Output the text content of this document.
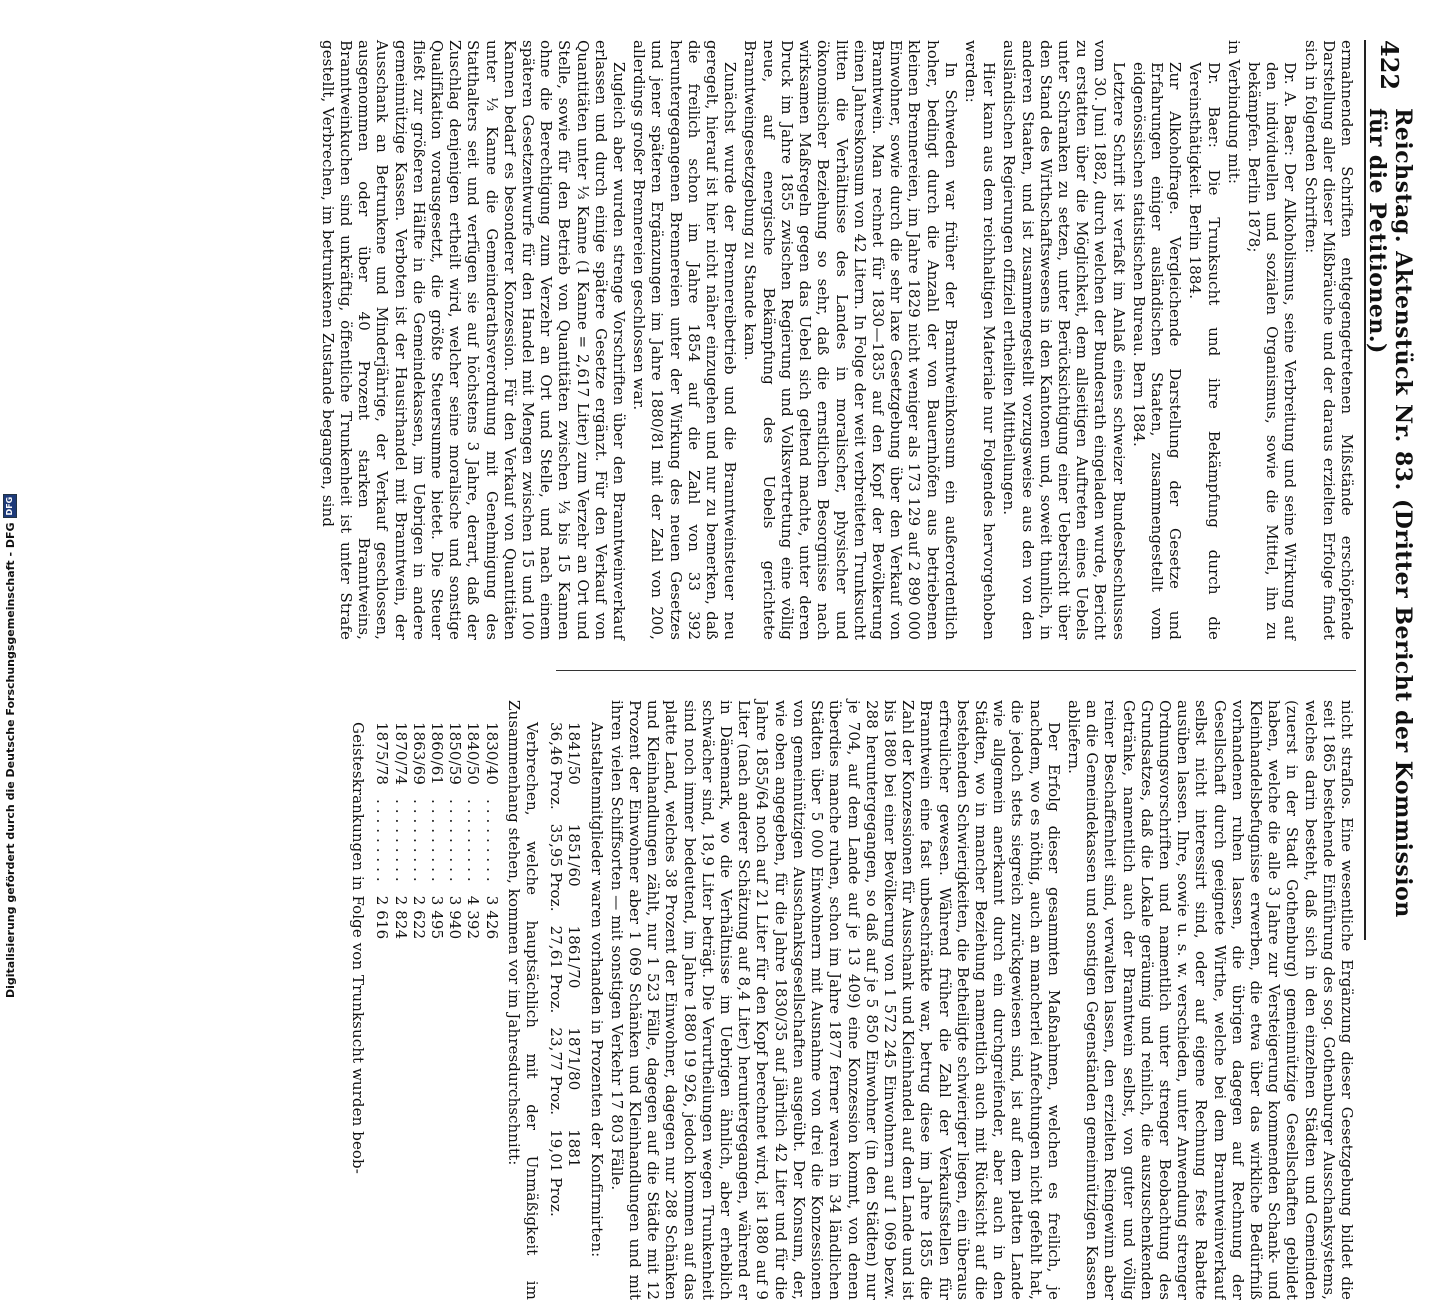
Digitalisierung gefördert durch die Deutsche Forschungsgemeinschaft - DFG
DFG
422
Reichstag. Aktenstück Nr. 83. (Dritter Bericht der Kommission für die Petitionen.)

ermahnenden Schriften entgegengetretenen Mißstände erschöpfende Darstellung aller dieser Mißbräuche und der daraus erzielten Erfolge findet sich in folgenden Schriften:

Dr. A. Baer: Der Alkoholismus, seine Verbreitung und seine Wirkung auf den individuellen und sozialen Organismus, sowie die Mittel, ihn zu bekämpfen. Berlin 1878;

in Verbindung mit:

Dr. Baer: Die Trunksucht und ihre Bekämpfung durch die Vereinsthätigkeit. Berlin 1884.

Zur Alkoholfrage. Vergleichende Darstellung der Gesetze und Erfahrungen einiger ausländischen Staaten, zusammengestellt vom eidgenössischen statistischen Bureau. Bern 1884.

Letztere Schrift ist verfaßt im Anlaß eines schweizer Bundesbeschlusses vom 30. Juni 1882, durch welchen der Bundesrath eingeladen wurde, Bericht zu erstatten über die Möglichkeit, dem allseitigen Auftreten eines Uebels unter Schranken zu setzen, unter Berücksichtigung einer Uebersicht über den Stand des Wirthschaftswesens in den Kantonen und, soweit thunlich, in anderen Staaten, und ist zusammengestellt vorzugsweise aus den von den ausländischen Regierungen offiziell ertheilten Mittheilungen.

Hier kann aus dem reichhaltigen Materiale nur Folgendes hervorgehoben werden:

In Schweden war früher der Branntweinkonsum ein außerordentlich hoher, bedingt durch die Anzahl der von Bauernhöfen aus betriebenen kleinen Brennereien, im Jahre 1829 nicht weniger als 173 129 auf 2 890 000 Einwohner, sowie durch die sehr laxe Gesetzgebung über den Verkauf von Branntwein. Man rechnet für 1830—1835 auf den Kopf der Bevölkerung einen Jahreskonsum von 42 Litern. In Folge der weit verbreiteten Trunksucht litten die Verhältnisse des Landes in moralischer, physischer und ökonomischer Beziehung so sehr, daß die ernstlichen Besorgnisse nach wirksamen Maßregeln gegen das Uebel sich geltend machte, unter deren Druck im Jahre 1855 zwischen Regierung und Volksvertretung eine völlig neue, auf energische Bekämpfung des Uebels gerichtete Branntweingesetzgebung zu Stande kam.

Zunächst wurde der Brennereibetrieb und die Branntweinsteuer neu geregelt, hierauf ist hier nicht näher einzugehen und nur zu bemerken, daß die freilich schon im Jahre 1854 auf die Zahl von 33 392 heruntergegangenen Brennereien unter der Wirkung des neuen Gesetzes und jener späteren Ergänzungen im Jahre 1880/81 mit der Zahl von 200, allerdings großer Brennereien geschlossen war.

Zugleich aber wurden strenge Vorschriften über den Branntweinverkauf erlassen und durch einige spätere Gesetze ergänzt. Für den Verkauf von Quantitäten unter ⅓ Kanne (1 Kanne = 2,617 Liter) zum Verzehr an Ort und Stelle, sowie für den Betrieb von Quantitäten zwischen ⅓ bis 15 Kannen ohne die Berechtigung zum Verzehr an Ort und Stelle, und nach einem späteren Gesetzentwurfe für den Handel mit Mengen zwischen 15 und 100 Kannen bedarf es besonderer Konzession. Für den Verkauf von Quantitäten unter ⅓ Kanne die Gemeinderathsverordnung mit Genehmigung des Statthalters seit und verfügen sie auf höchstens 3 Jahre, derart, daß der Zuschlag denjenigen ertheilt wird, welcher seine moralische und sonstige Qualifikation vorausgesetzt, die größte Steuersumme bietet. Die Steuer fließt zur größeren Hälfte in die Gemeindekassen, im Uebrigen in andere gemeinnützige Kassen. Verboten ist der Hausirhandel mit Branntwein, der Ausschank an Betrunkene und Minderjährige, der Verkauf geschlossen, ausgenommen oder über 40 Prozent starken Branntweins, Branntweinkuchen sind unkräftig, öffentliche Trunkenheit ist unter Strafe gestellt, Verbrechen, im betrunkenen Zustande begangen, sind

nicht straflos. Eine wesentliche Ergänzung dieser Gesetzgebung bildet die seit 1865 bestehende Einführung des sog. Gothenburger Ausschanksystems, welches darin besteht, daß sich in den einzelnen Städten und Gemeinden (zuerst in der Stadt Gothenburg) gemeinnützige Gesellschaften gebildet haben, welche die alle 3 Jahre zur Versteigerung kommenden Schank- und Kleinhandelsbefugnisse erwerben, die etwa über das wirkliche Bedürfniß vorhandenen ruhen lassen, die übrigen dagegen auf Rechnung der Gesellschaft durch geeignete Wirthe, welche bei dem Branntweinverkauf selbst nicht interessirt sind, oder auf eigene Rechnung feste Rabatte ausüben lassen. Ihre, sowie u. s. w. verschieden, unter Anwendung strenger Ordnungsvorschriften und namentlich unter strenger Beobachtung des Grundsatzes, daß die Lokale geräumig und reinlich, die auszuschenkenden Getränke, namentlich auch der Branntwein selbst, von guter und völlig reiner Beschaffenheit sind, verwalten lassen, den erzielten Reingewinn aber an die Gemeindekassen und sonstigen Gegenständen gemeinnützigen Kassen abliefern.

Der Erfolg dieser gesammten Maßnahmen, welchen es freilich, je nachdem, wo es nöthig, auch an mancherlei Anfechtungen nicht gefehlt hat, die jedoch stets siegreich zurückgewiesen sind, ist auf dem platten Lande wie allgemein anerkannt durch ein durchgreifender, aber auch in den Städten, wo in mancher Beziehung namentlich auch mit Rücksicht auf die bestehenden Schwierigkeiten, die Betheiligte schwieriger liegen, ein überaus erfreulicher gewesen. Während früher die Zahl der Verkaufsstellen für Branntwein eine fast unbeschränkte war, betrug diese im Jahre 1855 die Zahl der Konzessionen für Ausschank und Kleinhandel auf dem Lande und ist bis 1880 bei einer Bevölkerung von 1 572 245 Einwohnern auf 1 069 bezw. 288 heruntergegangen, so daß auf je 5 850 Einwohner (in den Städten) nur je 704, auf dem Lande auf je 13 409) eine Konzession kommt, von denen überdies manche ruhen, schon im Jahre 1877 ferner waren in 34 ländlichen Städten über 5 000 Einwohnern mit Ausnahme von drei die Konzessionen von gemeinnützigen Ausschanksgesellschaften ausgeübt. Der Konsum, der, wie oben angegeben, für die Jahre 1830/35 auf jährlich 42 Liter und für die Jahre 1855/64 noch auf 21 Liter für den Kopf berechnet wird, ist 1880 auf 9 Liter (nach anderer Schätzung auf 8,4 Liter) heruntergegangen, während er in Dänemark, wo die Verhältnisse im Uebrigen ähnlich, aber erheblich schwächer sind, 18,9 Liter beträgt. Die Verurtheilungen wegen Trunkenheit sind noch immer bedeutend, im Jahre 1880 19 926, jedoch kommen auf das platte Land, welches 38 Prozent der Einwohner, dagegen nur 288 Schänken und Kleinhandlungen zählt, nur 1 523 Fälle, dagegen auf die Städte mit 12 Prozent der Einwohner aber 1 069 Schänken und Kleinhandlungen und mit ihren vielen Schiffsorten — mit sonstigen Verkehr 17 803 Fälle.

Anstaltenmitglieder waren vorhanden in Prozenten der Konfirmirten:

1841/50	1851/60	1861/70	1871/80	1881
36,46 Proz.	35,95 Proz.	27,61 Proz.	23,77 Proz.	19,01 Proz.

Verbrechen, welche hauptsächlich mit der Unmäßigkeit im Zusammenhang stehen, kommen vor im Jahresdurchschnitt:

1830/40	. . . . . . . . .	3 426
1840/50	. . . . . . . . .	4 392
1850/59	. . . . . . . . .	3 940
1860/61	. . . . . . . . .	3 495
1863/69	. . . . . . . . .	2 622
1870/74	. . . . . . . . .	2 824
1875/78	. . . . . . . . .	2 616

Geisteskrankungen in Folge von Trunksucht wurden beob-
